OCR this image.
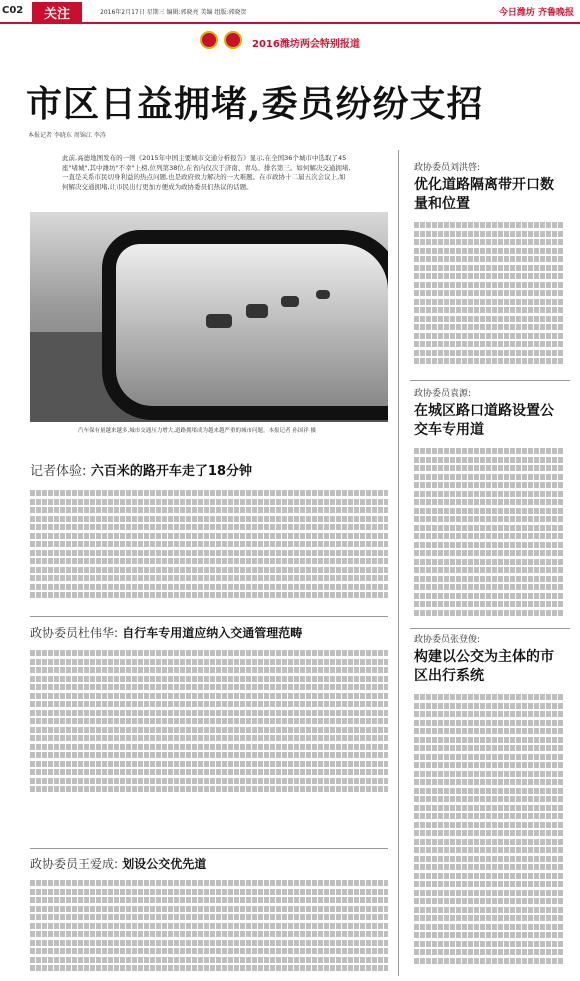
C02	关注	2016年2月17日 星期三 编辑:郭晓亮 美编 组版:郭晓贺	今日潍坊 齐鲁晚报
2016潍坊两会特别报道
市区日益拥堵,委员纷纷支招
本报记者 李晓东 周锦江 李涛
此前,高德地图发布的一则《2015年中国主要城市交通分析报告》显示,在全国36个城市中选取了45座"堵城",其中潍坊"不幸"上榜,位列第38位,在省内仅次于济南、青岛。排名第三。如何解决交通拥堵,一直是关系市民切身利益的热点问题,也是政府致力解决的一大难题。在市政协十二届五次会议上,如何解决交通拥堵,让市民出行更加方便成为政协委员们热议的话题。
汽车保有量越来越多,城市交通压力增大,道路拥堵成为越来越严重的城市问题。本报记者 孙国祥 摄
记者体验: 六百米的路开车走了18分钟
政协委员杜伟华: 自行车专用道应纳入交通管理范畴
政协委员王爱成: 划设公交优先道
政协委员刘洪啓:
优化道路隔离带开口数量和位置
政协委员袁源:
在城区路口道路设置公交车专用道
政协委员张登俊:
构建以公交为主体的市区出行系统
